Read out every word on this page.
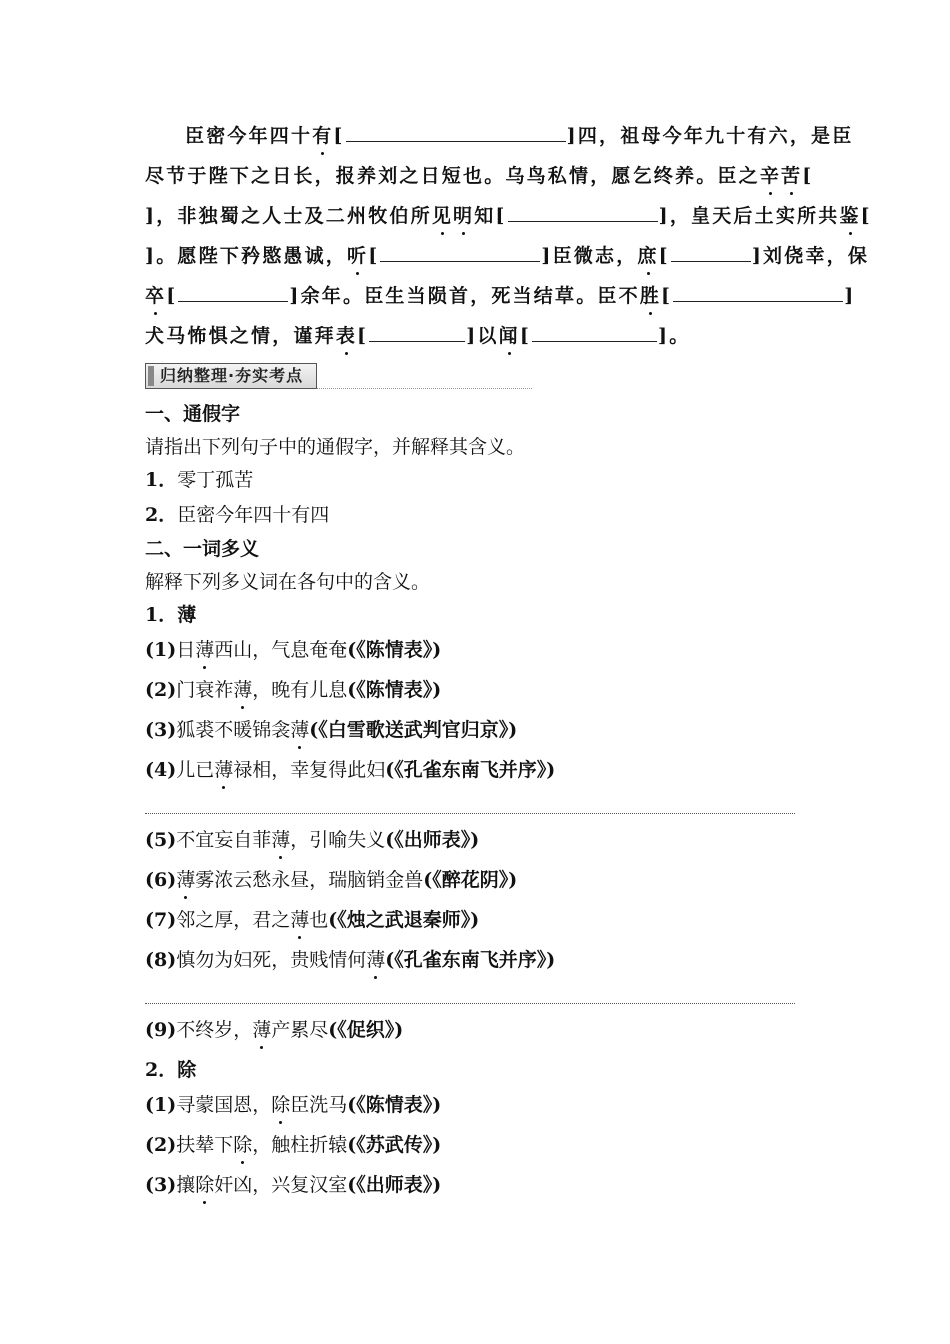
臣密今年四十有[	]四，祖母今年九十有六，是臣
尽节于陛下之日长，报养刘之日短也。乌鸟私情，愿乞终养。臣之辛苦[
]，非独蜀之人士及二州牧伯所见明知[	]，皇天后土实所共鉴[
]。愿陛下矜愍愚诚，听[	]臣微志，庶[	]刘侥幸，保
卒[	]余年。臣生当陨首，死当结草。臣不胜[	]
犬马怖惧之情，谨拜表[	]以闻[	]。
归纳整理·夯实考点
一、通假字
请指出下列句子中的通假字，并解释其含义。
1．零丁孤苦
2．臣密今年四十有四
二、一词多义
解释下列多义词在各句中的含义。
1．薄
(1)日薄西山，气息奄奄(《陈情表》)
(2)门衰祚薄，晚有儿息(《陈情表》)
(3)狐裘不暖锦衾薄(《白雪歌送武判官归京》)
(4)儿已薄禄相，幸复得此妇(《孔雀东南飞并序》)
(5)不宜妄自菲薄，引喻失义(《出师表》)
(6)薄雾浓云愁永昼，瑞脑销金兽(《醉花阴》)
(7)邻之厚，君之薄也(《烛之武退秦师》)
(8)慎勿为妇死，贵贱情何薄(《孔雀东南飞并序》)
(9)不终岁，薄产累尽(《促织》)
2．除
(1)寻蒙国恩，除臣洗马(《陈情表》)
(2)扶辇下除，触柱折辕(《苏武传》)
(3)攘除奸凶，兴复汉室(《出师表》)
